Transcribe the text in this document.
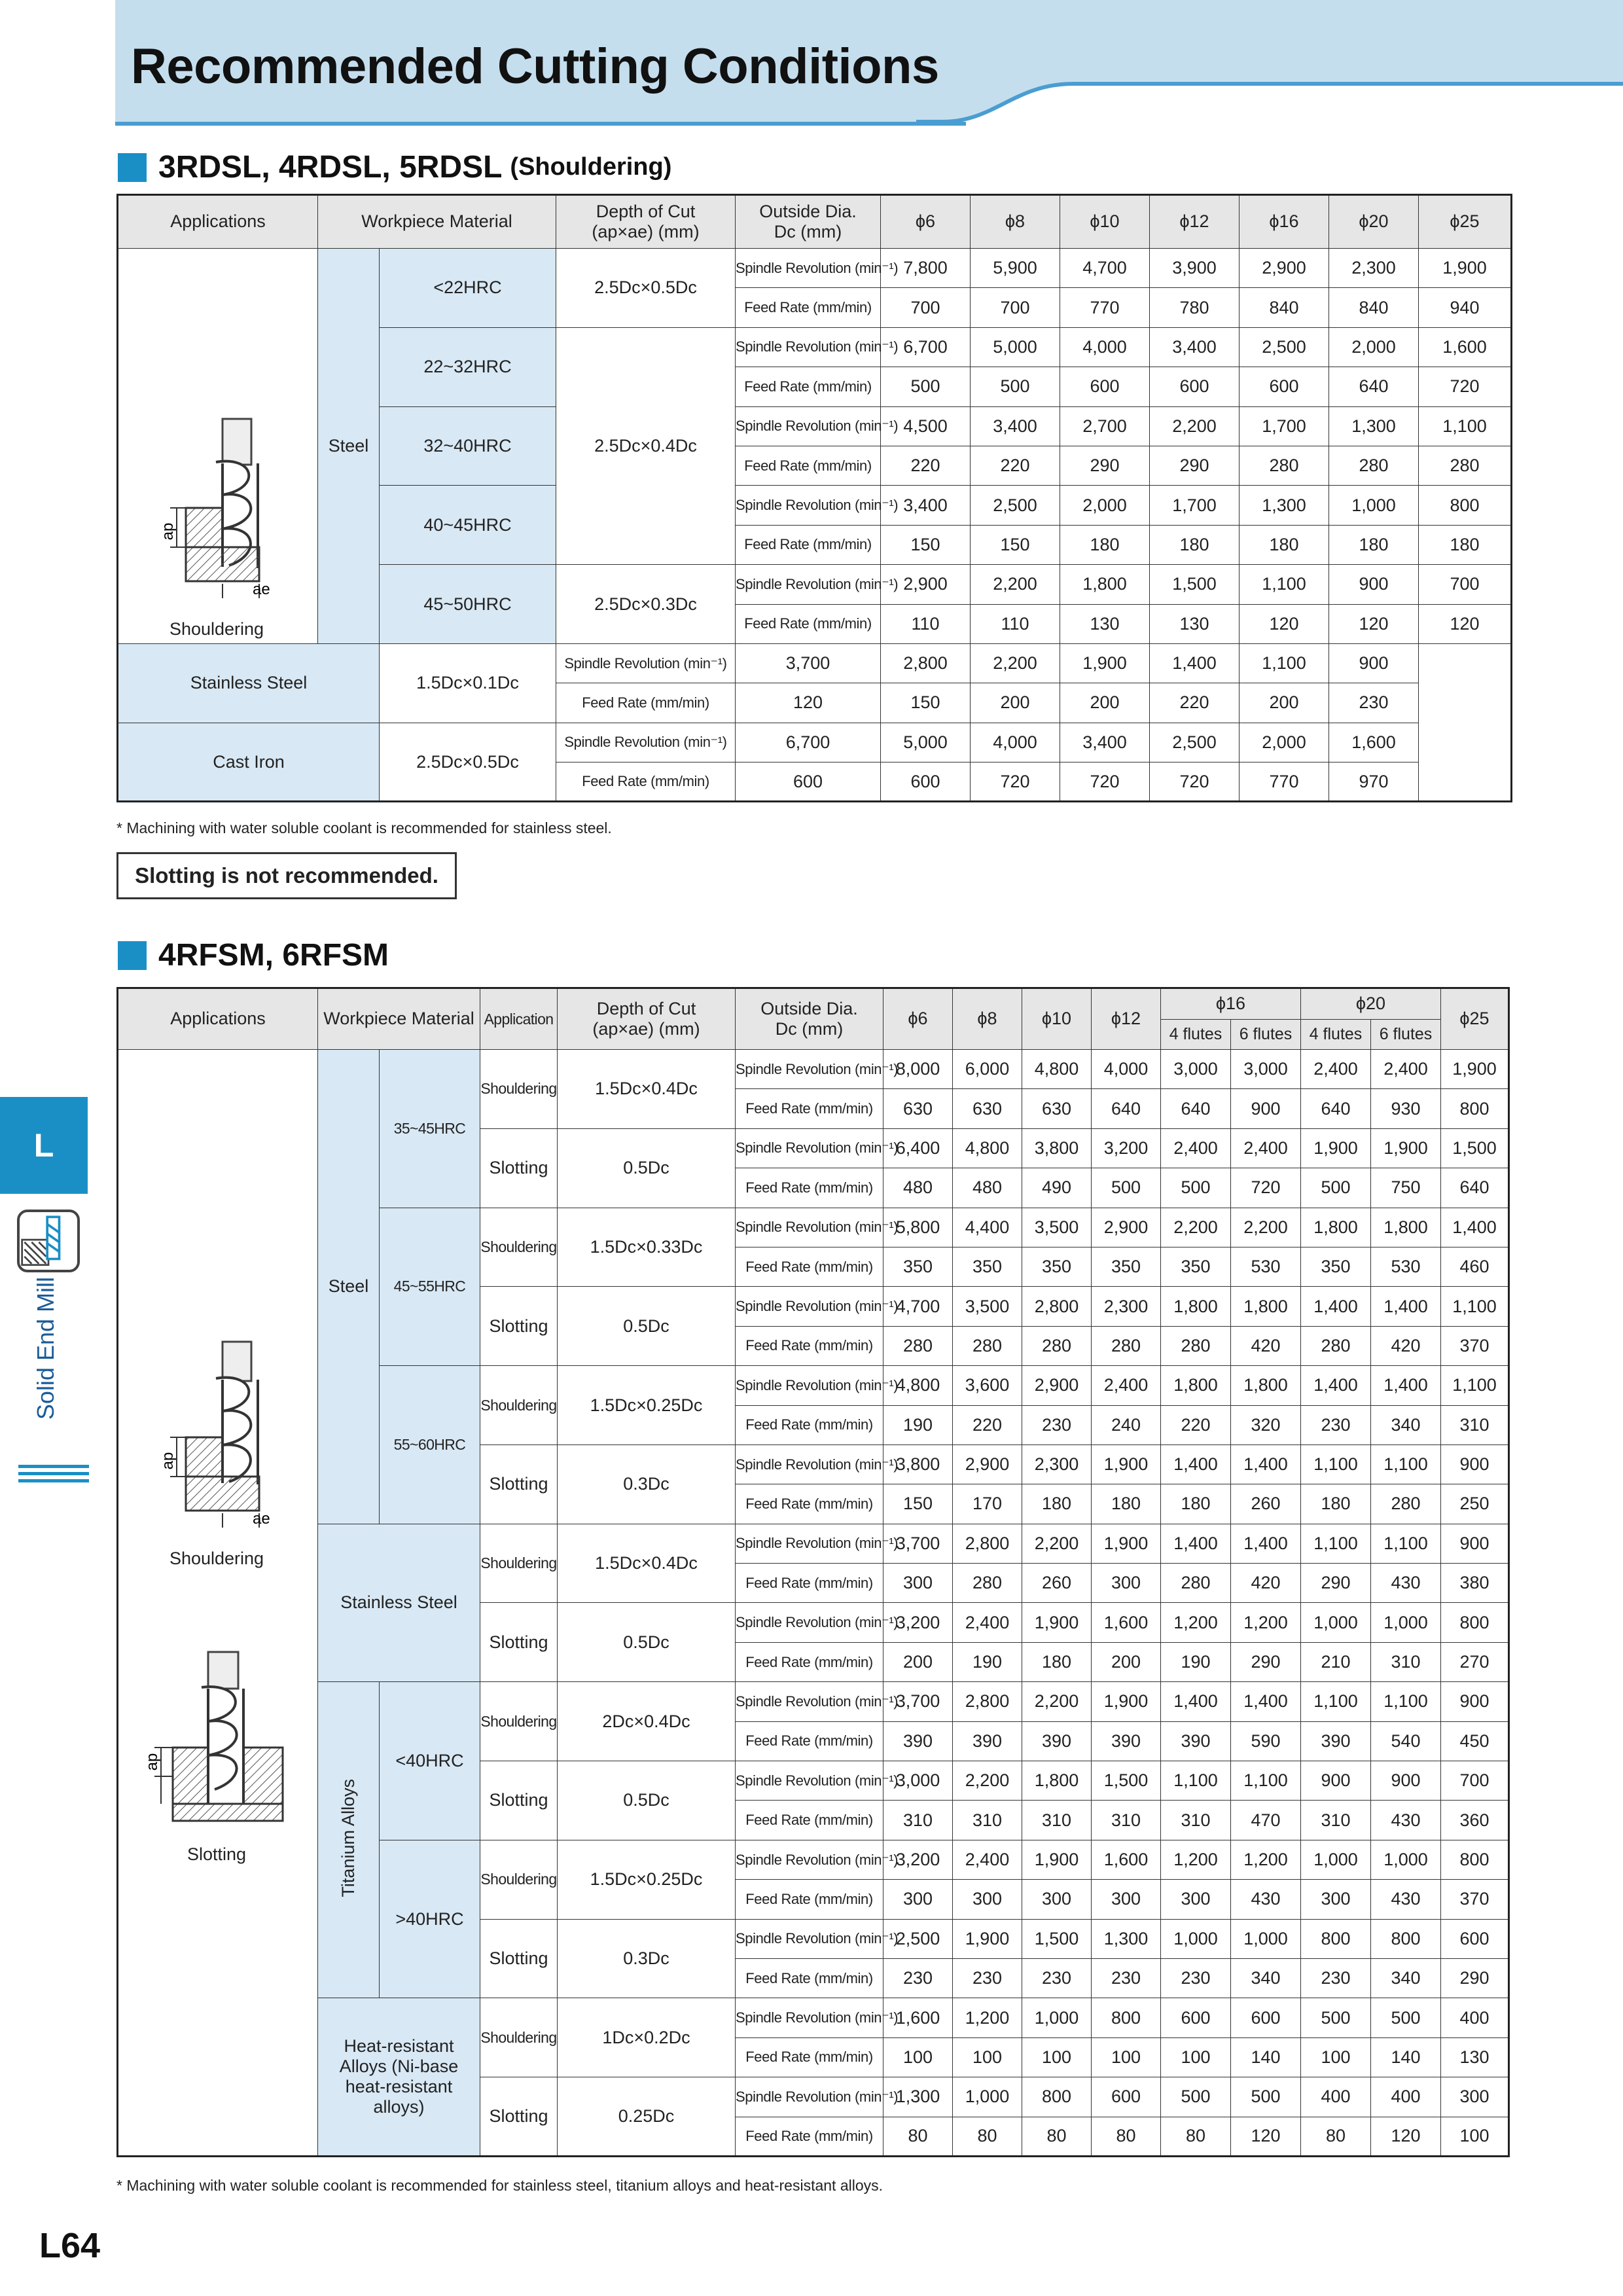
Recommended Cutting Conditions
3RDSL, 4RDSL, 5RDSL (Shouldering)
Applications	Workpiece Material		Depth of Cut
(ap×ae) (mm)	Outside Dia.
Dc (mm)	ϕ6	ϕ8	ϕ10	ϕ12	ϕ16	ϕ20	ϕ25
	Steel	<22HRC	2.5Dc×0.5Dc	Spindle Revolution (min⁻¹)	7,800	5,900	4,700	3,900	2,900	2,300	1,900
				Feed Rate (mm/min)	700	700	770	780	840	840	940
		22~32HRC	2.5Dc×0.4Dc	Spindle Revolution (min⁻¹)	6,700	5,000	4,000	3,400	2,500	2,000	1,600
				Feed Rate (mm/min)	500	500	600	600	600	640	720
		32~40HRC		Spindle Revolution (min⁻¹)	4,500	3,400	2,700	2,200	1,700	1,300	1,100
				Feed Rate (mm/min)	220	220	290	290	280	280	280
		40~45HRC		Spindle Revolution (min⁻¹)	3,400	2,500	2,000	1,700	1,300	1,000	800
				Feed Rate (mm/min)	150	150	180	180	180	180	180
		45~50HRC	2.5Dc×0.3Dc	Spindle Revolution (min⁻¹)	2,900	2,200	1,800	1,500	1,100	900	700
				Feed Rate (mm/min)	110	110	130	130	120	120	120
Stainless Steel		1.5Dc×0.1Dc	Spindle Revolution (min⁻¹)	3,700	2,800	2,200	1,900	1,400	1,100	900	
			Feed Rate (mm/min)	120	150	200	200	220	200	230	
Cast Iron		2.5Dc×0.5Dc	Spindle Revolution (min⁻¹)	6,700	5,000	4,000	3,400	2,500	2,000	1,600	
			Feed Rate (mm/min)	600	600	720	720	720	770	970	
* Machining with water soluble coolant is recommended for stainless steel.
Slotting is not recommended.
4RFSM, 6RFSM
Applications	Workpiece Material		Application	Depth of Cut
(ap×ae) (mm)	Outside Dia.
Dc (mm)	ϕ6	ϕ8	ϕ10	ϕ12	ϕ16		ϕ20		ϕ25
										4 flutes	6 flutes	4 flutes	6 flutes	
	Steel	35~45HRC	Shouldering	1.5Dc×0.4Dc	Spindle Revolution (min⁻¹)	8,000	6,000	4,800	4,000	3,000	3,000	2,400	2,400	1,900
					Feed Rate (mm/min)	630	630	630	640	640	900	640	930	800
			Slotting	0.5Dc	Spindle Revolution (min⁻¹)	6,400	4,800	3,800	3,200	2,400	2,400	1,900	1,900	1,500
					Feed Rate (mm/min)	480	480	490	500	500	720	500	750	640
		45~55HRC	Shouldering	1.5Dc×0.33Dc	Spindle Revolution (min⁻¹)	5,800	4,400	3,500	2,900	2,200	2,200	1,800	1,800	1,400
					Feed Rate (mm/min)	350	350	350	350	350	530	350	530	460
			Slotting	0.5Dc	Spindle Revolution (min⁻¹)	4,700	3,500	2,800	2,300	1,800	1,800	1,400	1,400	1,100
					Feed Rate (mm/min)	280	280	280	280	280	420	280	420	370
		55~60HRC	Shouldering	1.5Dc×0.25Dc	Spindle Revolution (min⁻¹)	4,800	3,600	2,900	2,400	1,800	1,800	1,400	1,400	1,100
					Feed Rate (mm/min)	190	220	230	240	220	320	230	340	310
			Slotting	0.3Dc	Spindle Revolution (min⁻¹)	3,800	2,900	2,300	1,900	1,400	1,400	1,100	1,100	900
					Feed Rate (mm/min)	150	170	180	180	180	260	180	280	250
	Stainless Steel		Shouldering	1.5Dc×0.4Dc	Spindle Revolution (min⁻¹)	3,700	2,800	2,200	1,900	1,400	1,400	1,100	1,100	900
					Feed Rate (mm/min)	300	280	260	300	280	420	290	430	380
			Slotting	0.5Dc	Spindle Revolution (min⁻¹)	3,200	2,400	1,900	1,600	1,200	1,200	1,000	1,000	800
					Feed Rate (mm/min)	200	190	180	200	190	290	210	310	270
	Titanium Alloys	<40HRC	Shouldering	2Dc×0.4Dc	Spindle Revolution (min⁻¹)	3,700	2,800	2,200	1,900	1,400	1,400	1,100	1,100	900
					Feed Rate (mm/min)	390	390	390	390	390	590	390	540	450
			Slotting	0.5Dc	Spindle Revolution (min⁻¹)	3,000	2,200	1,800	1,500	1,100	1,100	900	900	700
					Feed Rate (mm/min)	310	310	310	310	310	470	310	430	360
		>40HRC	Shouldering	1.5Dc×0.25Dc	Spindle Revolution (min⁻¹)	3,200	2,400	1,900	1,600	1,200	1,200	1,000	1,000	800
					Feed Rate (mm/min)	300	300	300	300	300	430	300	430	370
			Slotting	0.3Dc	Spindle Revolution (min⁻¹)	2,500	1,900	1,500	1,300	1,000	1,000	800	800	600
					Feed Rate (mm/min)	230	230	230	230	230	340	230	340	290
	Heat-resistant Alloys (Ni-base heat-resistant alloys)		Shouldering	1Dc×0.2Dc	Spindle Revolution (min⁻¹)	1,600	1,200	1,000	800	600	600	500	500	400
					Feed Rate (mm/min)	100	100	100	100	100	140	100	140	130
			Slotting	0.25Dc	Spindle Revolution (min⁻¹)	1,300	1,000	800	600	500	500	400	400	300
					Feed Rate (mm/min)	80	80	80	80	80	120	80	120	100
* Machining with water soluble coolant is recommended for stainless steel, titanium alloys and heat-resistant alloys.
L
Solid End Mill
L64
ap
ae
Shouldering
ap
ae
Shouldering
ap
Slotting
